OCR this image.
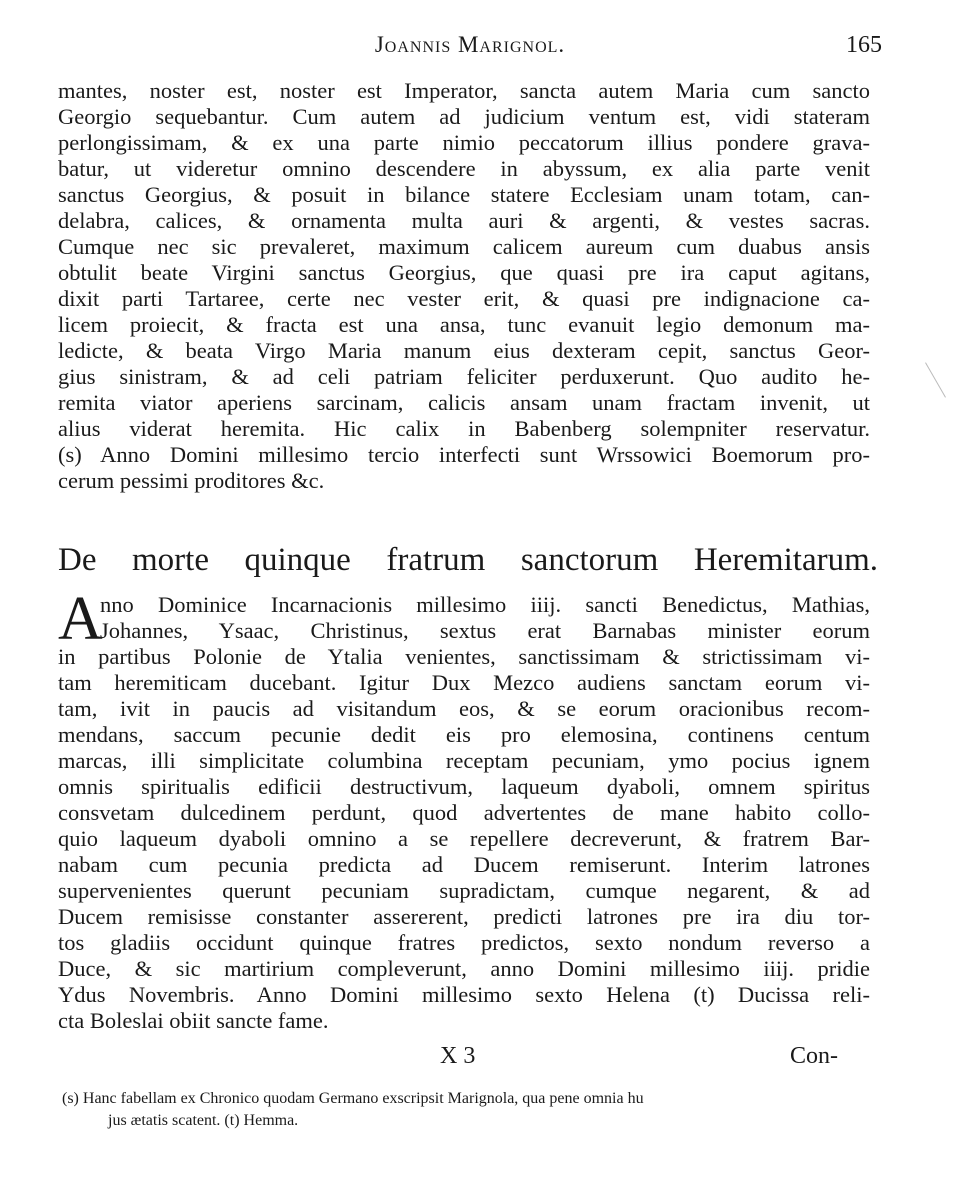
Joannis Marignol.	165
mantes, noster est, noster est Imperator, sancta autem Maria cum sancto
Georgio sequebantur. Cum autem ad judicium ventum est, vidi stateram
perlongissimam, & ex una parte nimio peccatorum illius pondere grava-
batur, ut videretur omnino descendere in abyssum, ex alia parte venit
sanctus Georgius, & posuit in bilance statere Ecclesiam unam totam, can-
delabra, calices, & ornamenta multa auri & argenti, & vestes sacras.
Cumque nec sic prevaleret, maximum calicem aureum cum duabus ansis
obtulit beate Virgini sanctus Georgius, que quasi pre ira caput agitans,
dixit parti Tartaree, certe nec vester erit, & quasi pre indignacione ca-
licem proiecit, & fracta est una ansa, tunc evanuit legio demonum ma-
ledicte, & beata Virgo Maria manum eius dexteram cepit, sanctus Geor-
gius sinistram, & ad celi patriam feliciter perduxerunt. Quo audito he-
remita viator aperiens sarcinam, calicis ansam unam fractam invenit, ut
alius viderat heremita. Hic calix in Babenberg solempniter reservatur.
(s) Anno Domini millesimo tercio interfecti sunt Wrssowici Boemorum pro-
cerum pessimi proditores &c.
De morte quinque fratrum sanctorum Heremitarum.
A
nno Dominice Incarnacionis millesimo iiij. sancti Benedictus, Mathias,
Johannes, Ysaac, Christinus, sextus erat Barnabas minister eorum
in partibus Polonie de Ytalia venientes, sanctissimam & strictissimam vi-
tam heremiticam ducebant. Igitur Dux Mezco audiens sanctam eorum vi-
tam, ivit in paucis ad visitandum eos, & se eorum oracionibus recom-
mendans, saccum pecunie dedit eis pro elemosina, continens centum
marcas, illi simplicitate columbina receptam pecuniam, ymo pocius ignem
omnis spiritualis edificii destructivum, laqueum dyaboli, omnem spiritus
consvetam dulcedinem perdunt, quod advertentes de mane habito collo-
quio laqueum dyaboli omnino a se repellere decreverunt, & fratrem Bar-
nabam cum pecunia predicta ad Ducem remiserunt. Interim latrones
supervenientes querunt pecuniam supradictam, cumque negarent, & ad
Ducem remisisse constanter assererent, predicti latrones pre ira diu tor-
tos gladiis occidunt quinque fratres predictos, sexto nondum reverso a
Duce, & sic martirium compleverunt, anno Domini millesimo iiij. pridie
Ydus Novembris. Anno Domini millesimo sexto Helena (t) Ducissa reli-
cta Boleslai obiit sancte fame.
X 3	Con-
(s) Hanc fabellam ex Chronico quodam Germano exscripsit Marignola, qua pene omnia hu
jus ætatis scatent. (t) Hemma.
